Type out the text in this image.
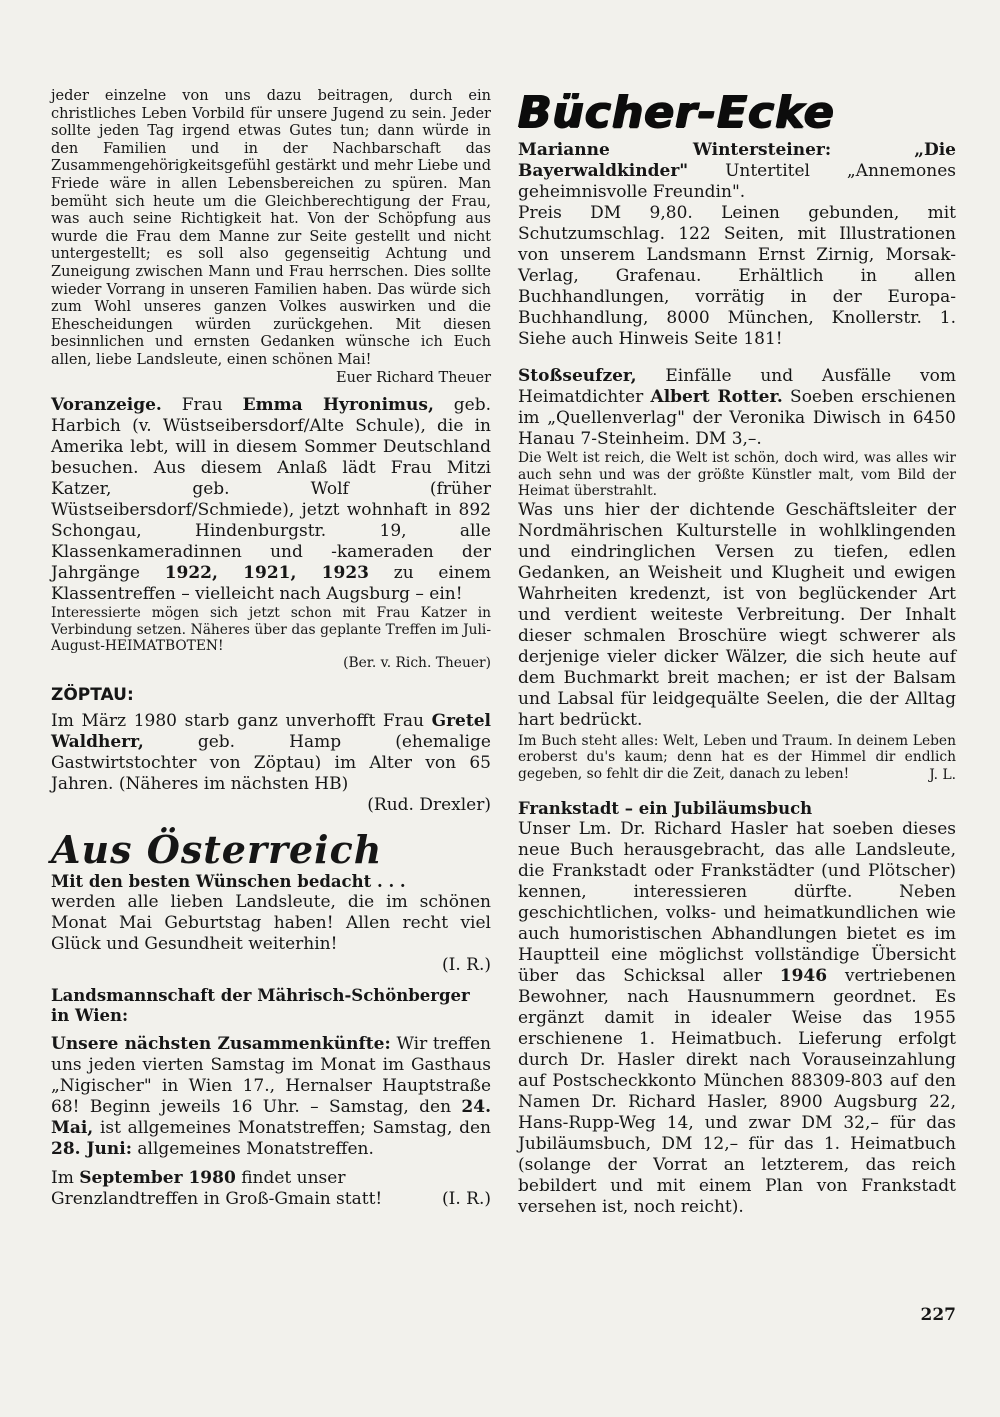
jeder einzelne von uns dazu beitragen, durch ein christliches Leben Vorbild für unsere Jugend zu sein. Jeder sollte jeden Tag irgend etwas Gutes tun; dann würde in den Familien und in der Nachbarschaft das Zusammengehörigkeitsgefühl gestärkt und mehr Liebe und Friede wäre in allen Lebensbereichen zu spüren. Man bemüht sich heute um die Gleichberechtigung der Frau, was auch seine Richtigkeit hat. Von der Schöpfung aus wurde die Frau dem Manne zur Seite gestellt und nicht untergestellt; es soll also gegenseitig Achtung und Zuneigung zwischen Mann und Frau herrschen. Dies sollte wieder Vorrang in unseren Familien haben. Das würde sich zum Wohl unseres ganzen Volkes auswirken und die Ehescheidungen würden zurückgehen. Mit diesen besinnlichen und ernsten Gedanken wünsche ich Euch allen, liebe Landsleute, einen schönen Mai!

Euer Richard Theuer

Voranzeige. Frau Emma Hyronimus, geb. Harbich (v. Wüstseibersdorf/Alte Schule), die in Amerika lebt, will in diesem Sommer Deutschland besuchen. Aus diesem Anlaß lädt Frau Mitzi Katzer, geb. Wolf (früher Wüstseibersdorf/Schmiede), jetzt wohnhaft in 892 Schongau, Hindenburgstr. 19, alle Klassenkameradinnen und -kameraden der Jahrgänge 1922, 1921, 1923 zu einem Klassentreffen – vielleicht nach Augsburg – ein!

Interessierte mögen sich jetzt schon mit Frau Katzer in Verbindung setzen. Näheres über das geplante Treffen im Juli-August-HEIMATBOTEN!

(Ber. v. Rich. Theuer)

ZÖPTAU:

Im März 1980 starb ganz unverhofft Frau Gretel Waldherr,	geb. Hamp (ehemalige Gastwirtstochter von Zöptau) im Alter von 65 Jahren. (Näheres im nächsten HB)

(Rud. Drexler)

Aus Österreich
Mit den besten Wünschen bedacht . . .

werden alle lieben Landsleute, die im schönen Monat Mai Geburtstag haben! Allen recht viel Glück und Gesundheit weiterhin!

(I. R.)

Landsmannschaft der Mährisch-Schönberger in Wien:

Unsere nächsten Zusammenkünfte: Wir treffen uns jeden vierten Samstag im Monat im Gasthaus „Nigischer" in Wien 17., Hernalser Hauptstraße 68! Beginn jeweils 16 Uhr. – Samstag, den 24. Mai, ist allgemeines Monatstreffen; Samstag, den 28. Juni: allgemeines Monatstreffen.

Im September 1980 findet unser Grenzlandtreffen in Groß-Gmain statt!	(I. R.)
Bücher-Ecke

Marianne Wintersteiner: „Die Bayerwaldkinder" Untertitel „Annemones geheimnisvolle Freundin".

Preis DM 9,80. Leinen gebunden, mit Schutzumschlag. 122 Seiten, mit Illustrationen von unserem Landsmann Ernst Zirnig, Morsak-Verlag, Grafenau. Erhältlich in allen Buchhandlungen, vorrätig in der Europa-Buchhandlung, 8000 München, Knollerstr. 1. Siehe auch Hinweis Seite 181!

Stoßseufzer, Einfälle und Ausfälle vom Heimatdichter Albert Rotter. Soeben erschienen im „Quellenverlag" der Veronika Diwisch in 6450 Hanau 7-Steinheim. DM 3,–.

Die Welt ist reich, die Welt ist schön, doch wird, was alles wir auch sehn und was der größte Künstler malt, vom Bild der Heimat überstrahlt.

Was uns hier der dichtende Geschäftsleiter der Nordmährischen Kulturstelle in wohlklingenden und eindringlichen Versen zu tiefen, edlen Gedanken, an Weisheit und Klugheit und ewigen Wahrheiten kredenzt, ist von beglückender Art und verdient weiteste Verbreitung. Der Inhalt dieser schmalen Broschüre wiegt schwerer als derjenige vieler dicker Wälzer, die sich heute auf dem Buchmarkt breit machen; er ist der Balsam und Labsal für leidgequälte Seelen, die der Alltag hart bedrückt.

Im Buch steht alles: Welt, Leben und Traum. In deinem Leben eroberst du's kaum; denn hat es der Himmel dir endlich gegeben, so fehlt dir die Zeit, danach zu leben!	J. L.

Frankstadt – ein Jubiläumsbuch

Unser Lm. Dr. Richard Hasler hat soeben dieses neue Buch herausgebracht, das alle Landsleute, die Frankstadt oder Frankstädter (und Plötscher) kennen, interessieren dürfte. Neben geschichtlichen, volks- und heimatkundlichen wie auch humoristischen Abhandlungen bietet es im Hauptteil eine möglichst vollständige Übersicht über das Schicksal aller 1946 vertriebenen Bewohner, nach Hausnummern geordnet. Es ergänzt damit in idealer Weise das 1955 erschienene 1. Heimatbuch. Lieferung erfolgt durch Dr. Hasler direkt nach Vorauseinzahlung auf Postscheckkonto München 88309-803 auf den Namen Dr. Richard Hasler, 8900 Augsburg 22, Hans-Rupp-Weg 14, und zwar DM 32,– für das Jubiläumsbuch, DM 12,– für das 1. Heimatbuch (solange der Vorrat an letzterem, das reich bebildert und mit einem Plan von Frankstadt versehen ist, noch reicht).

227
